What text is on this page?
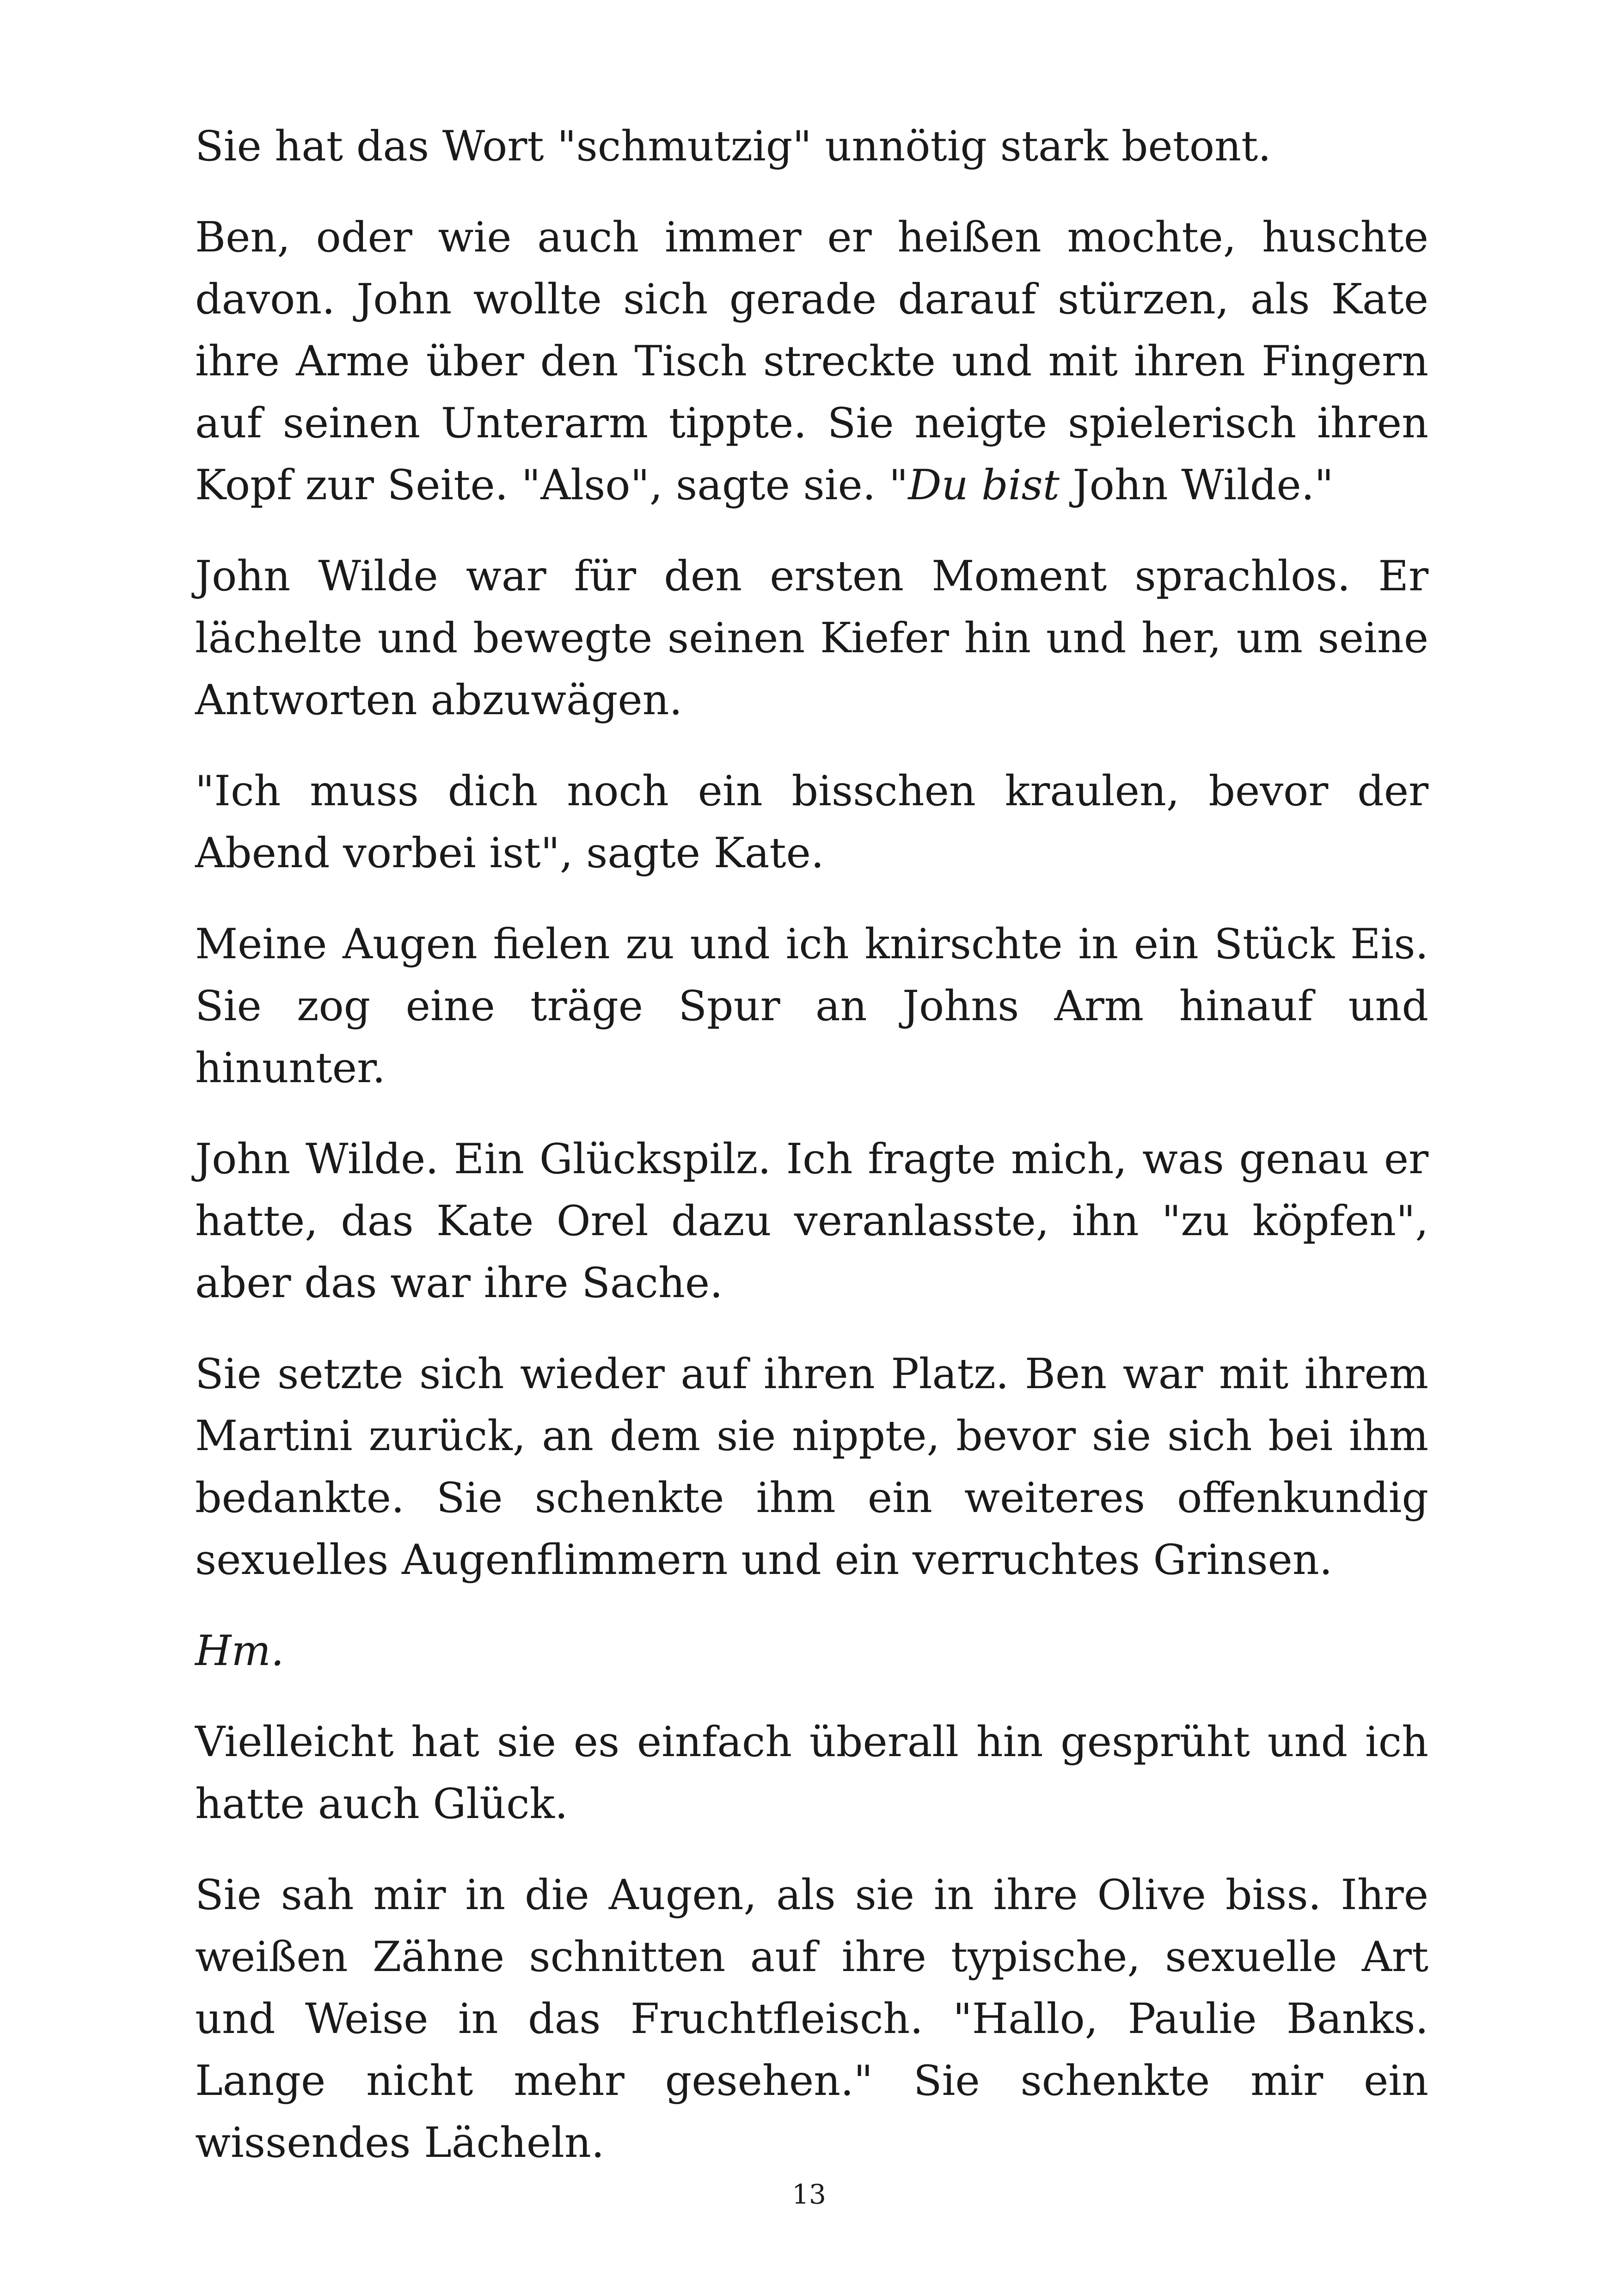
Sie hat das Wort "schmutzig" unnötig stark betont.

Ben, oder wie auch immer er heißen mochte, huschte davon. John wollte sich gerade darauf stürzen, als Kate ihre Arme über den Tisch streckte und mit ihren Fingern auf seinen Unterarm tippte. Sie neigte spielerisch ihren Kopf zur Seite. "Also", sagte sie. "Du bist John Wilde."

John Wilde war für den ersten Moment sprachlos. Er lächelte und bewegte seinen Kiefer hin und her, um seine Antworten abzuwägen.

"Ich muss dich noch ein bisschen kraulen, bevor der Abend vorbei ist", sagte Kate.

Meine Augen fielen zu und ich knirschte in ein Stück Eis. Sie zog eine träge Spur an Johns Arm hinauf und hinunter.

John Wilde. Ein Glückspilz. Ich fragte mich, was genau er hatte, das Kate Orel dazu veranlasste, ihn "zu köpfen", aber das war ihre Sache.

Sie setzte sich wieder auf ihren Platz. Ben war mit ihrem Martini zurück, an dem sie nippte, bevor sie sich bei ihm bedankte. Sie schenkte ihm ein weiteres offenkundig sexuelles Augenflimmern und ein verruchtes Grinsen.

Hm.

Vielleicht hat sie es einfach überall hin gesprüht und ich hatte auch Glück.

Sie sah mir in die Augen, als sie in ihre Olive biss. Ihre weißen Zähne schnitten auf ihre typische, sexuelle Art und Weise in das Fruchtfleisch. "Hallo, Paulie Banks. Lange nicht mehr gesehen." Sie schenkte mir ein wissendes Lächeln.

13
